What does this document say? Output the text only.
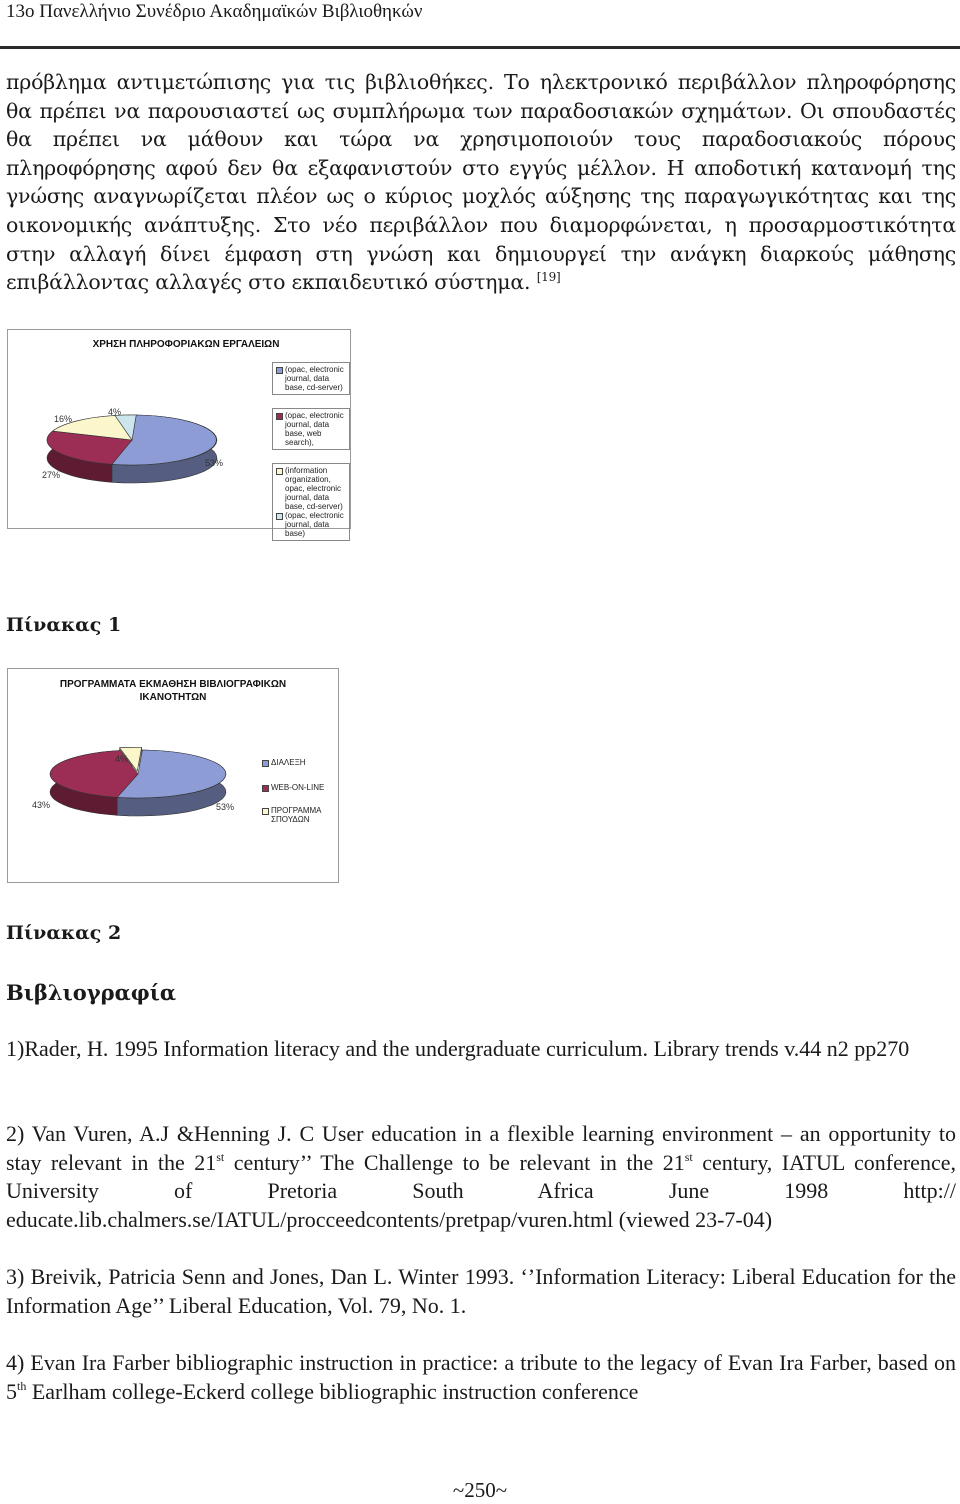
13ο Πανελλήνιο Συνέδριο Ακαδημαϊκών Βιβλιοθηκών

πρόβλημα αντιμετώπισης για τις βιβλιοθήκες. Το ηλεκτρονικό περιβάλλον πληροφόρησης θα πρέπει να παρουσιαστεί ως συμπλήρωμα των παραδοσιακών σχημάτων. Οι σπουδαστές θα πρέπει να μάθουν και τώρα να χρησιμοποιούν τους παραδοσιακούς πόρους πληροφόρησης αφού δεν θα εξαφανιστούν στο εγγύς μέλλον. Η αποδοτική κατανομή της γνώσης αναγνωρίζεται πλέον ως ο κύριος μοχλός αύξησης της παραγωγικότητας και της οικονομικής ανάπτυξης. Στο νέο περιβάλλον που διαμορφώνεται, η προσαρμοστικότητα στην αλλαγή δίνει έμφαση στη γνώση και δημιουργεί την ανάγκη διαρκούς μάθησης επιβάλλοντας αλλαγές στο εκπαιδευτικό σύστημα. [19]

ΧΡΗΣΗ ΠΛΗΡΟΦΟΡΙΑΚΩΝ ΕΡΓΑΛΕΙΩΝ
53%
27%
16%
4%
(opac, electronic journal, data base, cd-server)
(opac, electronic journal, data base, web search),
(information organization, opac, electronic journal, data base, cd-server)
(opac, electronic journal, data base)
Πίνακας 1
ΠΡΟΓΡΑΜΜΑΤΑ ΕΚΜΑΘΗΣΗ ΒΙΒΛΙΟΓΡΑΦΙΚΩΝ
ΙΚΑΝΟΤΗΤΩΝ
53%
43%
4%	ΔΙΑΛΕΞΗ
WEB-ON-LINE
ΠΡΟΓΡΑΜΜΑ ΣΠΟΥΔΩΝ
Πίνακας 2
Βιβλιογραφία

1)Rader, H. 1995 Information literacy and the undergraduate curriculum. Library trends v.44 n2 pp270

2) Van Vuren, A.J &Henning J. C User education in a flexible learning environment – an opportunity to stay relevant in the 21st century’’ The Challenge to be relevant in the 21st century, IATUL conference, University of Pretoria South Africa June 1998 http:// educate.lib.chalmers.se/IATUL/procceedcontents/pretpap/vuren.html (viewed 23-7-04)

3) Breivik, Patricia Senn and Jones, Dan L. Winter 1993. ‘’Information Literacy: Liberal Education for the Information Age’’ Liberal Education, Vol. 79, No. 1.

4) Evan Ira Farber bibliographic instruction in practice: a tribute to the legacy of Evan Ira Farber, based on 5th Earlham college-Eckerd college bibliographic instruction conference

~250~
